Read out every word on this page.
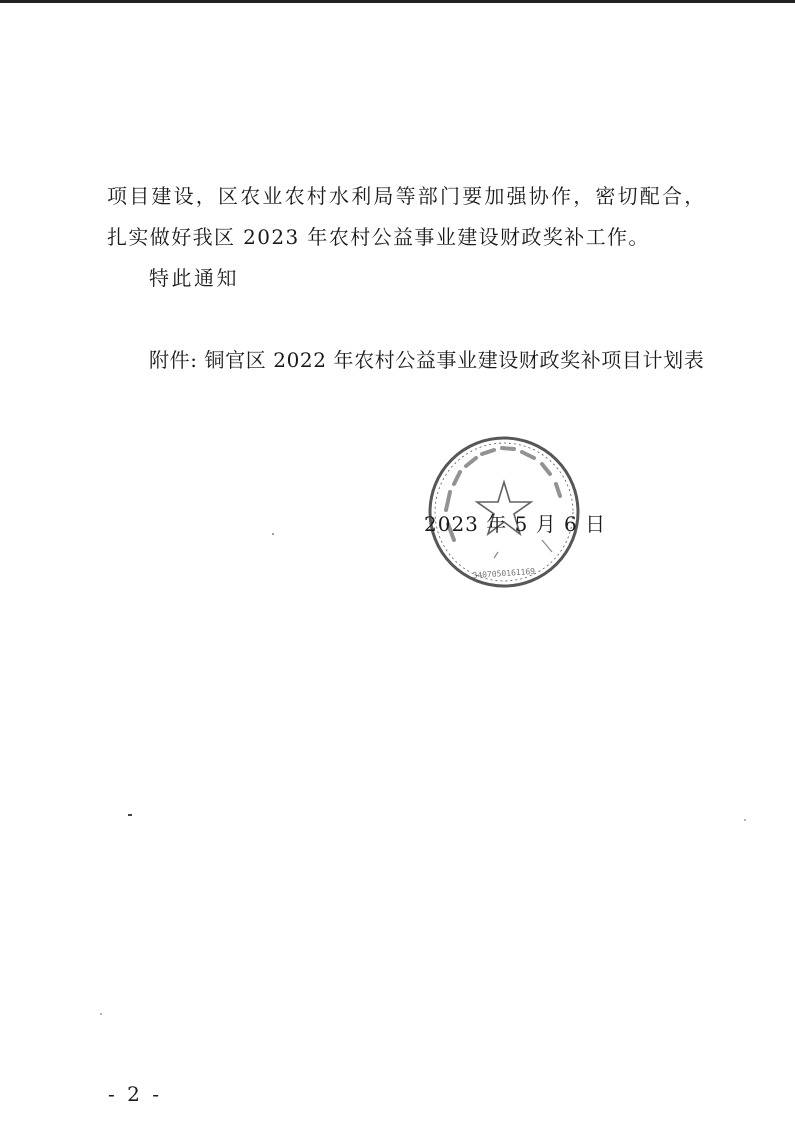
项目建设，区农业农村水利局等部门要加强协作，密切配合，
扎实做好我区 2023 年农村公益事业建设财政奖补工作。
特此通知
附件: 铜官区 2022 年农村公益事业建设财政奖补项目计划表
3407050161169
2023 年 5 月 6 日
- 2 -
